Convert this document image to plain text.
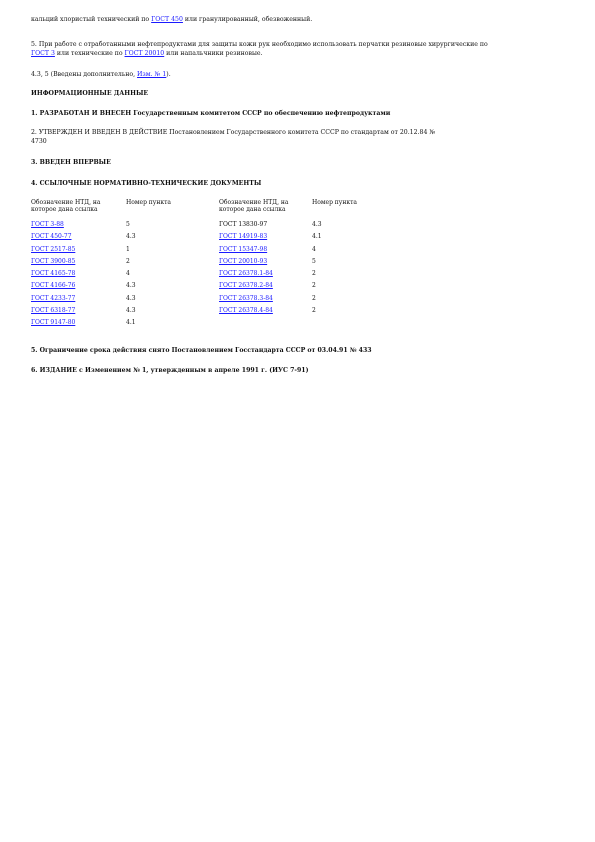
кальций хлористый технический по ГОСТ 450 или гранулированный, обезвоженный.
5. При работе с отработанными нефтепродуктами для защиты кожи рук необходимо использовать перчатки резиновые хирургические по
ГОСТ 3 или технические по ГОСТ 20010 или напальчники резиновые.
4.3, 5 (Введены дополнительно, Изм. № 1).
ИНФОРМАЦИОННЫЕ ДАННЫЕ
1. РАЗРАБОТАН И ВНЕСЕН Государственным комитетом СССР по обеспечению нефтепродуктами
2. УТВЕРЖДЕН И ВВЕДЕН В ДЕЙСТВИЕ Постановлением Государственного комитета СССР по стандартам от 20.12.84 №
4730
3. ВВЕДЕН ВПЕРВЫЕ
4. ССЫЛОЧНЫЕ НОРМАТИВНО-ТЕХНИЧЕСКИЕ ДОКУМЕНТЫ
Обозначение НТД, на которое дана ссылка	Номер пункта	Обозначение НТД, на которое дана ссылка	Номер пункта
ГОСТ 3-88	5	ГОСТ 13830-97	4.3
ГОСТ 450-77	4.3	ГОСТ 14919-83	4.1
ГОСТ 2517-85	1	ГОСТ 15347-98	4
ГОСТ 3900-85	2	ГОСТ 20010-93	5
ГОСТ 4165-78	4	ГОСТ 26378.1-84	2
ГОСТ 4166-76	4.3	ГОСТ 26378.2-84	2
ГОСТ 4233-77	4.3	ГОСТ 26378.3-84	2
ГОСТ 6318-77	4.3	ГОСТ 26378.4-84	2
ГОСТ 9147-80	4.1		
5. Ограничение срока действия снято Постановлением Госстандарта СССР от 03.04.91 № 433
6. ИЗДАНИЕ с Изменением № 1, утвержденным в апреле 1991 г. (ИУС 7-91)
